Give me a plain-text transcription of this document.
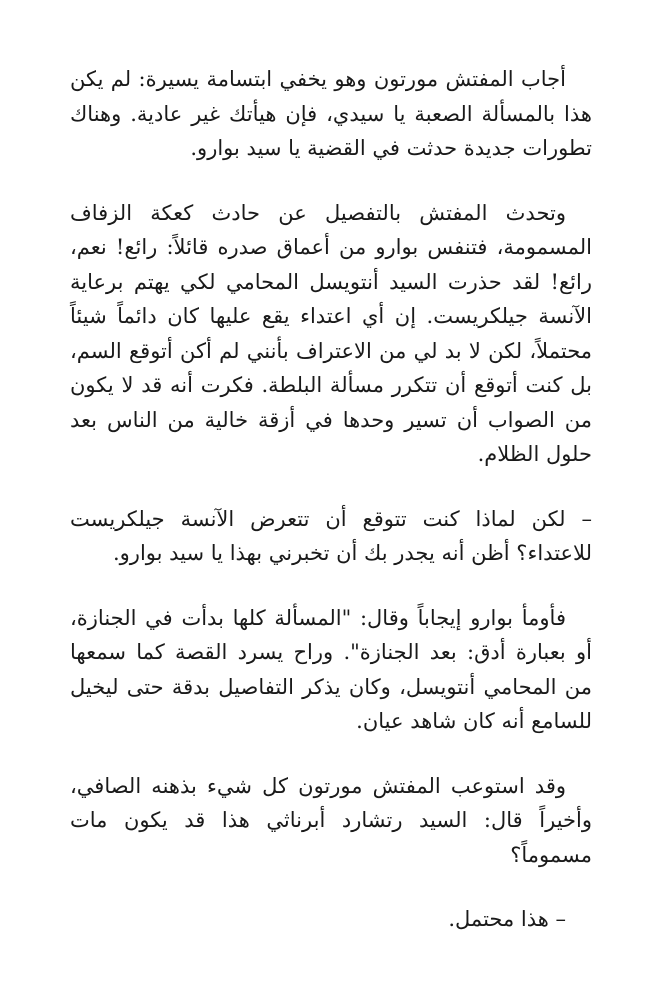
أجاب المفتش مورتون وهو يخفي ابتسامة يسيرة: لم يكن هذا بالمسألة الصعبة يا سيدي، فإن هيأتك غير عادية. وهناك تطورات جديدة حدثت في القضية يا سيد بوارو.

وتحدث المفتش بالتفصيل عن حادث كعكة الزفاف المسمومة، فتنفس بوارو من أعماق صدره قائلاً: رائع! نعم، رائع! لقد حذرت السيد أنتويسل المحامي لكي يهتم برعاية الآنسة جيلكريست. إن أي اعتداء يقع عليها كان دائماً شيئاً محتملاً، لكن لا بد لي من الاعتراف بأنني لم أكن أتوقع السم، بل كنت أتوقع أن تتكرر مسألة البلطة. فكرت أنه قد لا يكون من الصواب أن تسير وحدها في أزقة خالية من الناس بعد حلول الظلام.

– لكن لماذا كنت تتوقع أن تتعرض الآنسة جيلكريست للاعتداء؟ أظن أنه يجدر بك أن تخبرني بهذا يا سيد بوارو.

فأومأ بوارو إيجاباً وقال: "المسألة كلها بدأت في الجنازة، أو بعبارة أدق: بعد الجنازة". وراح يسرد القصة كما سمعها من المحامي أنتويسل، وكان يذكر التفاصيل بدقة حتى ليخيل للسامع أنه كان شاهد عيان.

وقد استوعب المفتش مورتون كل شيء بذهنه الصافي، وأخيراً قال: السيد رتشارد أبرناثي هذا قد يكون مات مسموماً؟

– هذا محتمل.
